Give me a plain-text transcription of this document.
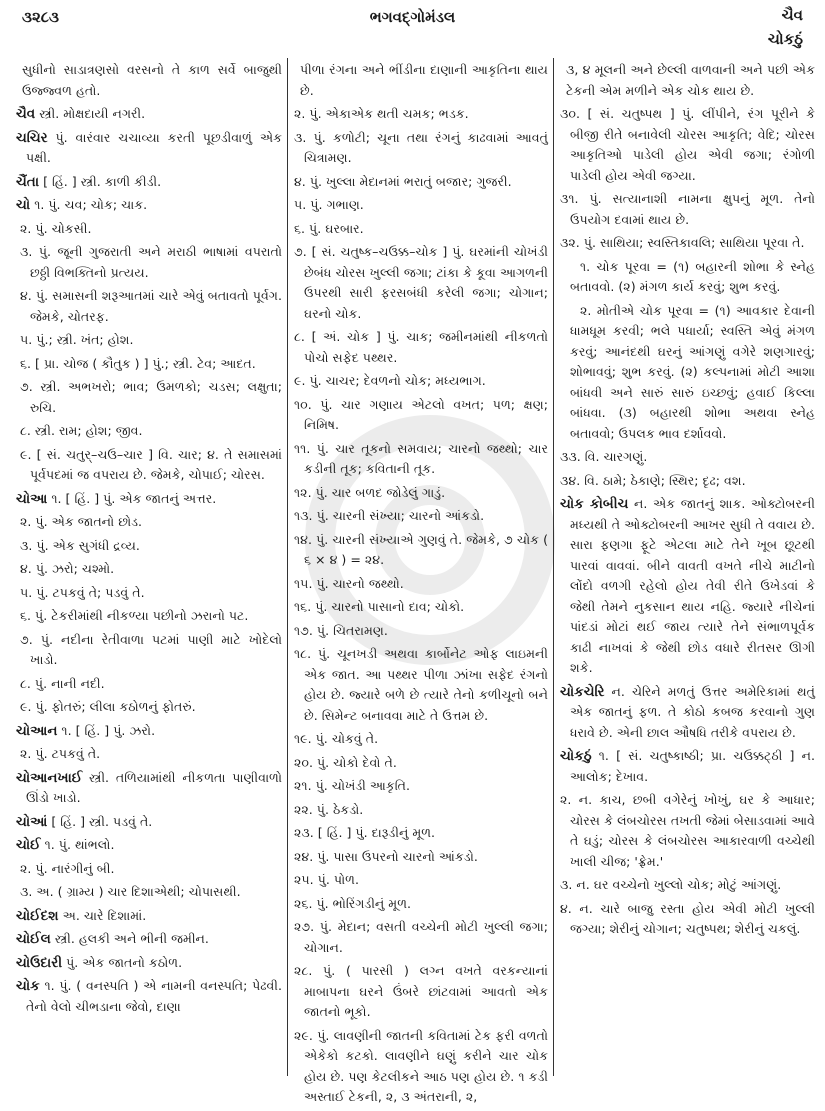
૩૨૮૩	ભગવદ્ગોમંડલ	ચૈવ
ચોકઠું

સુધીનો સાડાત્રણસો વરસનો તે કાળ સર્વે બાજુથી ઉજ્જ્વળ હતો.

ચૈવ સ્ત્રી. મોક્ષદાયી નગરી.

ચચિર પું. વારંવાર ચચાવ્યા કરતી પૂછડીવાળું એક પક્ષી.

ચૈંતા [ હિં. ] સ્ત્રી. કાળી કીડી.

ચો ૧. પું. ચવ; ચોક; ચાક.

૨. પું. ચોકસી.

૩. પું. જૂની ગુજરાતી અને મરાઠી ભાષામાં વપરાતો છઠ્ઠી વિભક્તિનો પ્રત્યય.

૪. પું. સમાસની શરૂઆતમાં ચારે એવું બતાવતો પૂર્વગ. જેમકે, ચોતરફ.

૫. પું.; સ્ત્રી. ખંત; હોશ.

૬. [ પ્રા. ચોજ ( કૌતુક ) ] પું.; સ્ત્રી. ટેવ; આદત.

૭. સ્ત્રી. અભખરો; ભાવ; ઉમળકો; ચડસ; લક્ષુતા; રુચિ.

૮. સ્ત્રી. રામ; હોશ; જીવ.

૯. [ સં. ચતુર્–ચઉ–ચાર ] વિ. ચાર; ૪. તે સમાસમાં પૂર્વપદમાં જ વપરાય છે. જેમકે, ચોપાઈ; ચોરસ.

ચોઆ ૧. [ હિં. ] પું. એક જાતનું અત્તર.

૨. પું. એક જાતનો છોડ.

૩. પું. એક સુગંધી દ્રવ્ય.

૪. પું. ઝરો; ચશ્મો.

૫. પું. ટપકવું તે; પડવું તે.

૬. પું. ટેકરીમાંથી નીકળ્યા પછીનો ઝરાનો પટ.

૭. પું. નદીના રેતીવાળા પટમાં પાણી માટે ખોદેલો ખાડો.

૮. પું. નાની નદી.

૯. પું. ફોતરું; લીલા કઠોળનું ફોતરું.

ચોઆન ૧. [ હિં. ] પું. ઝરો.

૨. પું. ટપકવું તે.

ચોઆનખાઈ સ્ત્રી. તળિયામાંથી નીકળતા પાણીવાળો ઊંડો ખાડો.

ચોઆં [ હિં. ] સ્ત્રી. પડવું તે.

ચોઈ ૧. પું. થાંભલો.

૨. પું. નારંગીનું બી.

૩. અ. ( ગ્રામ્ય ) ચાર દિશાએથી; ચોપાસથી.

ચોઈદશ અ. ચારે દિશામાં.

ચોઈલ સ્ત્રી. હલકી અને ભીની જમીન.

ચોઉદારી પું. એક જાતનો કઠોળ.

ચોક ૧. પું. ( વનસ્પતિ ) એ નામની વનસ્પતિ; પેઢવી. તેનો વેલો ચીભડાના જેવો, દાણા

પીળા રંગના અને ભીંડીના દાણાની આકૃતિના થાય છે.

૨. પું. એકાએક થતી ચમક; ભડક.

૩. પું. કળોટી; ચૂના તથા રંગનું કાઢવામાં આવતું ચિત્રામણ.

૪. પું. ખુલ્લા મેદાનમાં ભરાતું બજાર; ગુજરી.

૫. પું. ગભાણ.

૬. પું. ઘરબાર.

૭. [ સં. ચતુષ્ક–ચઉક્ક–ચોક ] પું. ઘરમાંની ચોખંડી છેબંધ ચોરસ ખુલ્લી જગા; ટાંકા કે કૂવા આગળની ઉપરથી સારી ફરસબંધી કરેલી જગા; ચોગાન; ઘરનો ચોક.

૮. [ અં. ચોક ] પું. ચાક; જમીનમાંથી નીકળતો પોચો સફેદ પથ્થર.

૯. પું. ચાચર; દેવળનો ચોક; મધ્યભાગ.

૧૦. પું. ચાર ગણાય એટલો વખત; પળ; ક્ષણ; નિમિષ.

૧૧. પું. ચાર તૂકનો સમવાય; ચારનો જથ્થો; ચાર કડીની તૂક; કવિતાની તૂક.

૧૨. પું. ચાર બળદ જોડેલું ગાડું.

૧૩. પું. ચારની સંખ્યા; ચારનો આંકડો.

૧૪. પું. ચારની સંખ્યાએ ગુણવું તે. જેમકે, ૭ ચોક ( ૬ × ૪ ) = ૨૪.

૧૫. પું. ચારનો જથ્થો.

૧૬. પું. ચારનો પાસાનો દાવ; ચોકો.

૧૭. પું. ચિતરામણ.

૧૮. પું. ચૂનખડી અથવા કાર્બોનેટ ઓફ લાઇમની એક જાત. આ પથ્થર પીળા ઝાંખા સફેદ રંગનો હોય છે. જ્યારે બળે છે ત્યારે તેનો કળીચૂનો બને છે. સિમેન્ટ બનાવવા માટે તે ઉત્તમ છે.

૧૯. પું. ચોકવું તે.

૨૦. પું. ચોકો દેવો તે.

૨૧. પું. ચોખંડી આકૃતિ.

૨૨. પું. ઠેકડો.

૨૩. [ હિં. ] પું. દારૂડીનું મૂળ.

૨૪. પું. પાસા ઉપરનો ચારનો આંકડો.

૨૫. પું. પોળ.

૨૬. પું. ભોરિંગડીનું મૂળ.

૨૭. પું. મેદાન; વસતી વચ્ચેની મોટી ખુલ્લી જગા; ચોગાન.

૨૮. પું. ( પારસી ) લગ્ન વખતે વરકન્યાનાં માબાપના ઘરને ઉંબરે છાંટવામાં આવતો એક જાતનો ભૂકો.

૨૯. પું. લાવણીની જાતની કવિતામાં ટેક ફરી વળતો એકેકો કટકો. લાવણીને ઘણું કરીને ચાર ચોક હોય છે. પણ કેટલીકને આઠ પણ હોય છે. ૧ કડી અસ્તાઈ ટેકની, ૨, ૩ અંતરાની, ૨,

૩, ૪ મૂલની અને છેલ્લી વાળવાની અને પછી એક ટેકની એમ મળીને એક ચોક થાય છે.

૩૦. [ સં. ચતુષ્પથ ] પું. લીંપીને, રંગ પૂરીને કે બીજી રીતે બનાવેલી ચોરસ આકૃતિ; વેદિ; ચોરસ આકૃતિઓ પાડેલી હોય એવી જગા; રંગોળી પાડેલી હોય એવી જગ્યા.

૩૧. પું. સત્યાનાશી નામના ક્ષુપનું મૂળ. તેનો ઉપયોગ દવામાં થાય છે.

૩૨. પું. સાથિયા; સ્વસ્તિકાવલિ; સાથિયા પૂરવા તે.

૧. ચોક પૂરવા = (૧) બહારની શોભા કે સ્નેહ બતાવવો. (૨) મંગળ કાર્ય કરવું; શુભ કરવું.

૨. મોતીએ ચોક પૂરવા = (૧) આવકાર દેવાની ધામધૂમ કરવી; ભલે પધાર્યા; સ્વસ્તિ એવું મંગળ કરવું; આનંદથી ઘરનું આંગણું વગેરે શણગારવું; શોભાવવું; શુભ કરવું. (૨) કલ્પનામાં મોટી આશા બાંધવી અને સારું સારું ઇચ્છવું; હવાઈ કિલ્લા બાંધવા. (૩) બહારથી શોભા અથવા સ્નેહ બતાવવો; ઉપલક ભાવ દર્શાવવો.

૩૩. વિ. ચારગણું.

૩૪. વિ. ઠામે; ઠેકાણે; સ્થિર; દૃઢ; વશ.

ચોક કોબીચ ન. એક જાતનું શાક. ઓક્ટોબરની મધ્યથી તે ઓક્ટોબરની આખર સુધી તે વવાય છે. સારા ફણગા ફૂટે એટલા માટે તેને ખૂબ છૂટથી પારવાં વાવવાં. બીને વાવતી વખતે નીચે માટીનો લોંદો વળગી રહેલો હોય તેવી રીતે ઉખેડવાં કે જેથી તેમને નુકસાન થાય નહિ. જ્યારે નીચેનાં પાંદડાં મોટાં થઈ જાય ત્યારે તેને સંભાળપૂર્વક કાઢી નાખવાં કે જેથી છોડ વધારે રીતસર ઊગી શકે.

ચોકચેરિ ન. ચેરિને મળતું ઉત્તર અમેરિકામાં થતું એક જાતનું ફળ. તે કોઠો કબજ કરવાનો ગુણ ધરાવે છે. એની છાલ ઔષધિ તરીકે વપરાય છે.

ચોકઠું ૧. [ સં. ચતુષ્કાષ્ઠી; પ્રા. ચઉક્કટ્ઠી ] ન. આલોક; દેખાવ.

૨. ન. કાચ, છબી વગેરેનું ખોખું, ઘર કે આધાર; ચોરસ કે લંબચોરસ તખતી જેમાં બેસાડવામાં આવે તે ઘડું; ચોરસ કે લંબચોરસ આકારવાળી વચ્ચેથી ખાલી ચીજ; 'ફ્રેમ.'

૩. ન. ઘર વચ્ચેનો ખુલ્લો ચોક; મોટું આંગણું.

૪. ન. ચારે બાજુ રસ્તા હોય એવી મોટી ખુલ્લી જગ્યા; શેરીનું ચોગાન; ચતુષ્પથ; શેરીનું ચકલું.
